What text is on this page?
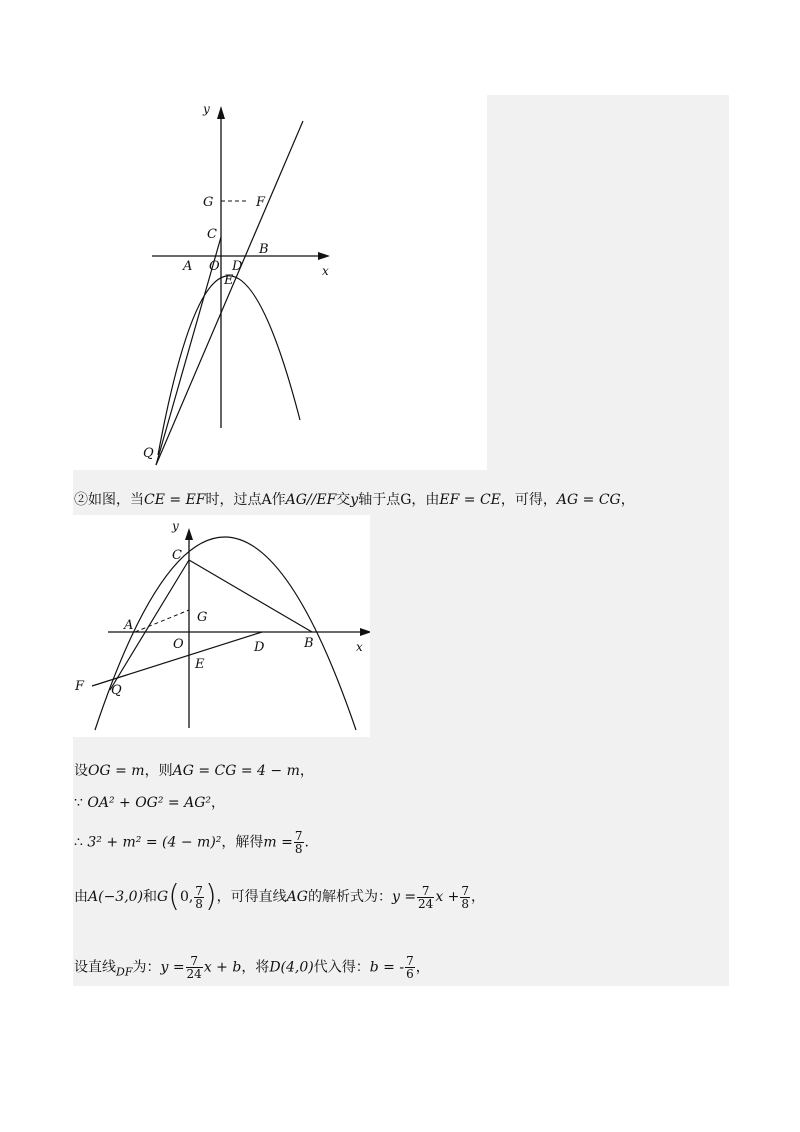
y
x
G	F
C
B
A O D
E
Q
②如图，当CE = EF时，过点A作AG//EF交y轴于点G，由EF = CE，可得，AG = CG，
y
x
C
G
A
O	B
D
E
F Q
设OG = m，则AG = CG = 4 − m，
∵ OA² + OG² = AG²，
∴ 3² + m² = (4 − m)²，解得$m = \frac{7}{8}$ .
由A(−3,0)和G(0, $\frac{7}{8}$ )，可得直线AG的解析式为：$y = \frac{7}{24}$ $x + \frac{7}{8}$ ，
设直线$_{DF}$为：$y = \frac{7}{24}$ x + b，将D(4,0)代入得：b = - $\frac{7}{6}$ ，
